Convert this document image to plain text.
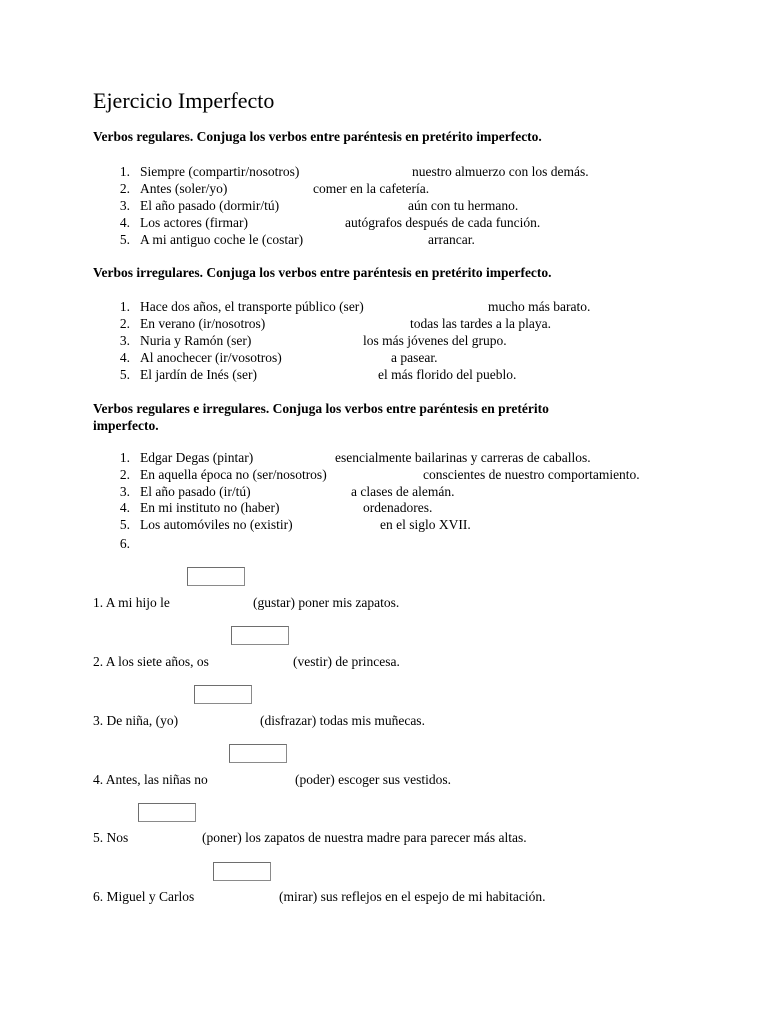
Ejercicio Imperfecto
Verbos regulares. Conjuga los verbos entre paréntesis en pretérito imperfecto.
1. Siempre (compartir/nosotros)	nuestro almuerzo con los demás.
2. Antes (soler/yo)	comer en la cafetería.
3. El año pasado (dormir/tú)	aún con tu hermano.
4. Los actores (firmar)	autógrafos después de cada función.
5. A mi antiguo coche le (costar)	arrancar.
Verbos irregulares. Conjuga los verbos entre paréntesis en pretérito imperfecto.
1. Hace dos años, el transporte público (ser)	mucho más barato.
2. En verano (ir/nosotros)	todas las tardes a la playa.
3. Nuria y Ramón (ser)	los más jóvenes del grupo.
4. Al anochecer (ir/vosotros)	a pasear.
5. El jardín de Inés (ser)	el más florido del pueblo.
Verbos regulares e irregulares. Conjuga los verbos entre paréntesis en pretérito
imperfecto.
1. Edgar Degas (pintar)	esencialmente bailarinas y carreras de caballos.
2. En aquella época no (ser/nosotros)	conscientes de nuestro comportamiento.
3. El año pasado (ir/tú)	a clases de alemán.
4. En mi instituto no (haber)	ordenadores.
5. Los automóviles no (existir)	en el siglo XVII.
6.
1. A mi hijo le	(gustar) poner mis zapatos.
2. A los siete años, os	(vestir) de princesa.
3. De niña, (yo)	(disfrazar) todas mis muñecas.
4. Antes, las niñas no	(poder) escoger sus vestidos.
5. Nos	(poner) los zapatos de nuestra madre para parecer más altas.
6. Miguel y Carlos	(mirar) sus reflejos en el espejo de mi habitación.
